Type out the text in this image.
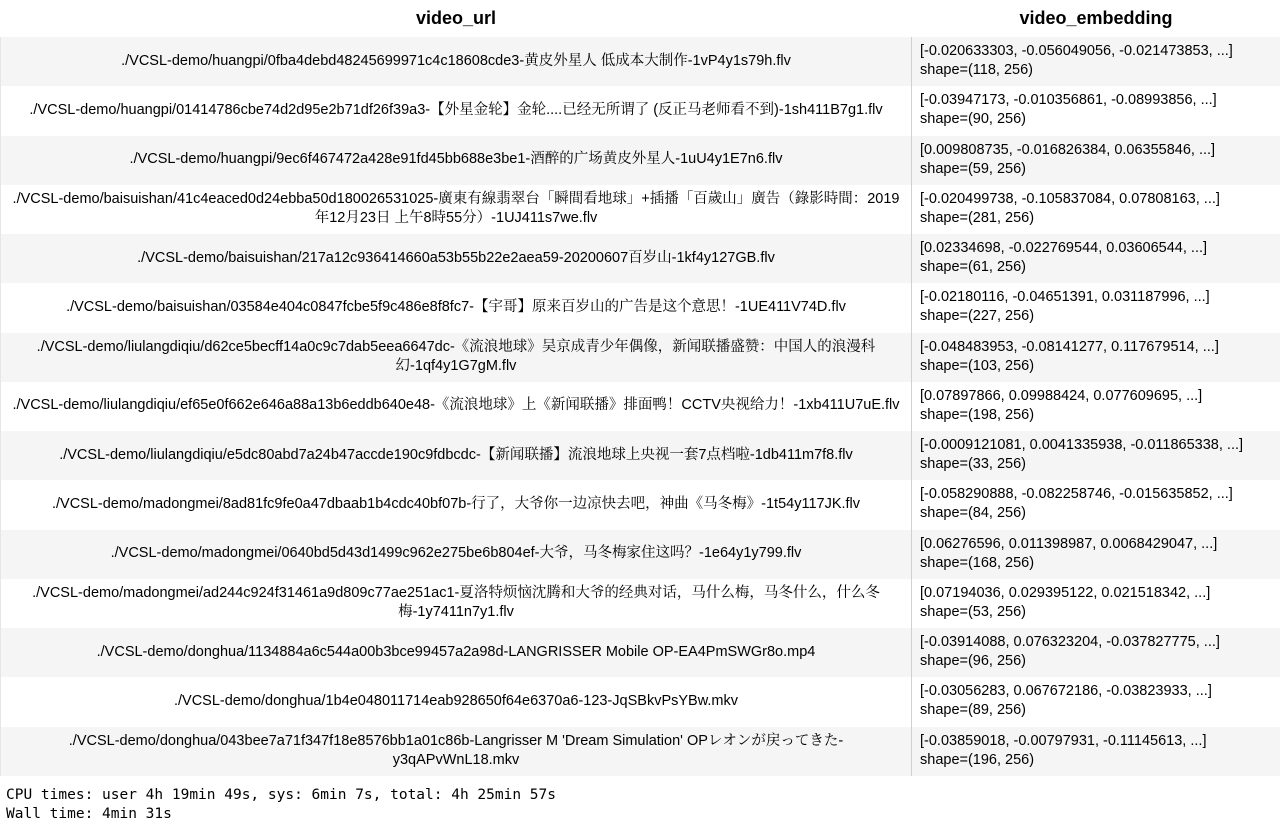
video_url	video_embedding
./VCSL-demo/huangpi/0fba4debd48245699971c4c18608cde3-黄皮外星人 低成本大制作-1vP4y1s79h.flv	[-0.020633303, -0.056049056, -0.021473853, ...]
shape=(118, 256)

./VCSL-demo/huangpi/01414786cbe74d2d95e2b71df26f39a3-【外星金轮】金轮....已经无所谓了 (反正马老师看不到)-1sh411B7g1.flv	[-0.03947173, -0.010356861, -0.08993856, ...]
shape=(90, 256)

./VCSL-demo/huangpi/9ec6f467472a428e91fd45bb688e3be1-酒醉的广场黄皮外星人-1uU4y1E7n6.flv	[0.009808735, -0.016826384, 0.06355846, ...]
shape=(59, 256)

./VCSL-demo/baisuishan/41c4eaced0d24ebba50d180026531025-廣東有線翡翠台「瞬間看地球」+插播「百歲山」廣告（錄影時間：2019年12月23日 上午8時55分）-1UJ411s7we.flv	[-0.020499738, -0.105837084, 0.07808163, ...]
shape=(281, 256)

./VCSL-demo/baisuishan/217a12c936414660a53b55b22e2aea59-20200607百岁山-1kf4y127GB.flv	[0.02334698, -0.022769544, 0.03606544, ...]
shape=(61, 256)

./VCSL-demo/baisuishan/03584e404c0847fcbe5f9c486e8f8fc7-【宇哥】原来百岁山的广告是这个意思！-1UE411V74D.flv	[-0.02180116, -0.04651391, 0.031187996, ...]
shape=(227, 256)

./VCSL-demo/liulangdiqiu/d62ce5becff14a0c9c7dab5eea6647dc-《流浪地球》吴京成青少年偶像，新闻联播盛赞：中国人的浪漫科幻-1qf4y1G7gM.flv	[-0.048483953, -0.08141277, 0.117679514, ...]
shape=(103, 256)

./VCSL-demo/liulangdiqiu/ef65e0f662e646a88a13b6eddb640e48-《流浪地球》上《新闻联播》排面鸭！CCTV央视给力！-1xb411U7uE.flv	[0.07897866, 0.09988424, 0.077609695, ...]
shape=(198, 256)

./VCSL-demo/liulangdiqiu/e5dc80abd7a24b47accde190c9fdbcdc-【新闻联播】流浪地球上央视一套7点档啦-1db411m7f8.flv	[-0.0009121081, 0.0041335938, -0.011865338, ...]
shape=(33, 256)

./VCSL-demo/madongmei/8ad81fc9fe0a47dbaab1b4cdc40bf07b-行了，大爷你一边凉快去吧，神曲《马冬梅》-1t54y117JK.flv	[-0.058290888, -0.082258746, -0.015635852, ...]
shape=(84, 256)

./VCSL-demo/madongmei/0640bd5d43d1499c962e275be6b804ef-大爷，马冬梅家住这吗？-1e64y1y799.flv	[0.06276596, 0.011398987, 0.0068429047, ...]
shape=(168, 256)

./VCSL-demo/madongmei/ad244c924f31461a9d809c77ae251ac1-夏洛特烦恼沈腾和大爷的经典对话，马什么梅，马冬什么，什么冬梅-1y7411n7y1.flv	[0.07194036, 0.029395122, 0.021518342, ...]
shape=(53, 256)

./VCSL-demo/donghua/1134884a6c544a00b3bce99457a2a98d-LANGRISSER Mobile OP-EA4PmSWGr8o.mp4	[-0.03914088, 0.076323204, -0.037827775, ...]
shape=(96, 256)

./VCSL-demo/donghua/1b4e048011714eab928650f64e6370a6-123-JqSBkvPsYBw.mkv	[-0.03056283, 0.067672186, -0.03823933, ...]
shape=(89, 256)

./VCSL-demo/donghua/043bee7a71f347f18e8576bb1a01c86b-Langrisser M 'Dream Simulation' OPレオンが戻ってきた-y3qAPvWnL18.mkv	[-0.03859018, -0.00797931, -0.11145613, ...]
shape=(196, 256)
CPU times: user 4h 19min 49s, sys: 6min 7s, total: 4h 25min 57s
Wall time: 4min 31s
